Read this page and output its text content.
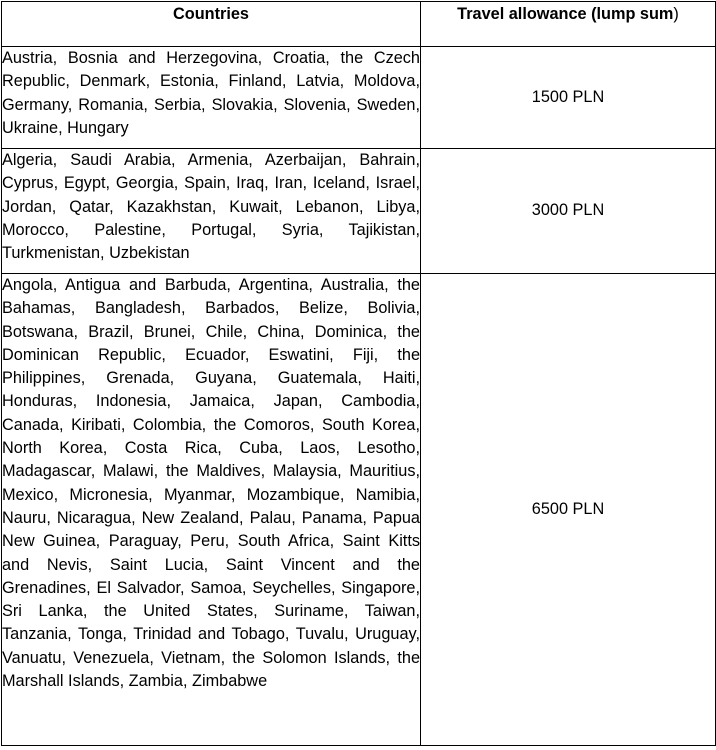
Countries	Travel allowance (lump sum)
Austria, Bosnia and Herzegovina, Croatia, the Czech Republic, Denmark, Estonia, Finland, Latvia, Moldova, Germany, Romania, Serbia, Slovakia, Slovenia, Sweden, Ukraine, Hungary	1500 PLN
Algeria, Saudi Arabia, Armenia, Azerbaijan, Bahrain, Cyprus, Egypt, Georgia, Spain, Iraq, Iran, Iceland, Israel, Jordan, Qatar, Kazakhstan, Kuwait, Lebanon, Libya, Morocco, Palestine, Portugal, Syria, Tajikistan, Turkmenistan, Uzbekistan	3000 PLN
Angola, Antigua and Barbuda, Argentina, Australia, the Bahamas, Bangladesh, Barbados, Belize, Bolivia, Botswana, Brazil, Brunei, Chile, China, Dominica, the Dominican Republic, Ecuador, Eswatini, Fiji, the Philippines, Grenada, Guyana, Guatemala, Haiti, Honduras, Indonesia, Jamaica, Japan, Cambodia, Canada, Kiribati, Colombia, the Comoros, South Korea, North Korea, Costa Rica, Cuba, Laos, Lesotho, Madagascar, Malawi, the Maldives, Malaysia, Mauritius, Mexico, Micronesia, Myanmar, Mozambique, Namibia, Nauru, Nicaragua, New Zealand, Palau, Panama, Papua New Guinea, Paraguay, Peru, South Africa, Saint Kitts and Nevis, Saint Lucia, Saint Vincent and the Grenadines, El Salvador, Samoa, Seychelles, Singapore, Sri Lanka, the United States, Suriname, Taiwan, Tanzania, Tonga, Trinidad and Tobago, Tuvalu, Uruguay, Vanuatu, Venezuela, Vietnam, the Solomon Islands, the Marshall Islands, Zambia, Zimbabwe	6500 PLN
